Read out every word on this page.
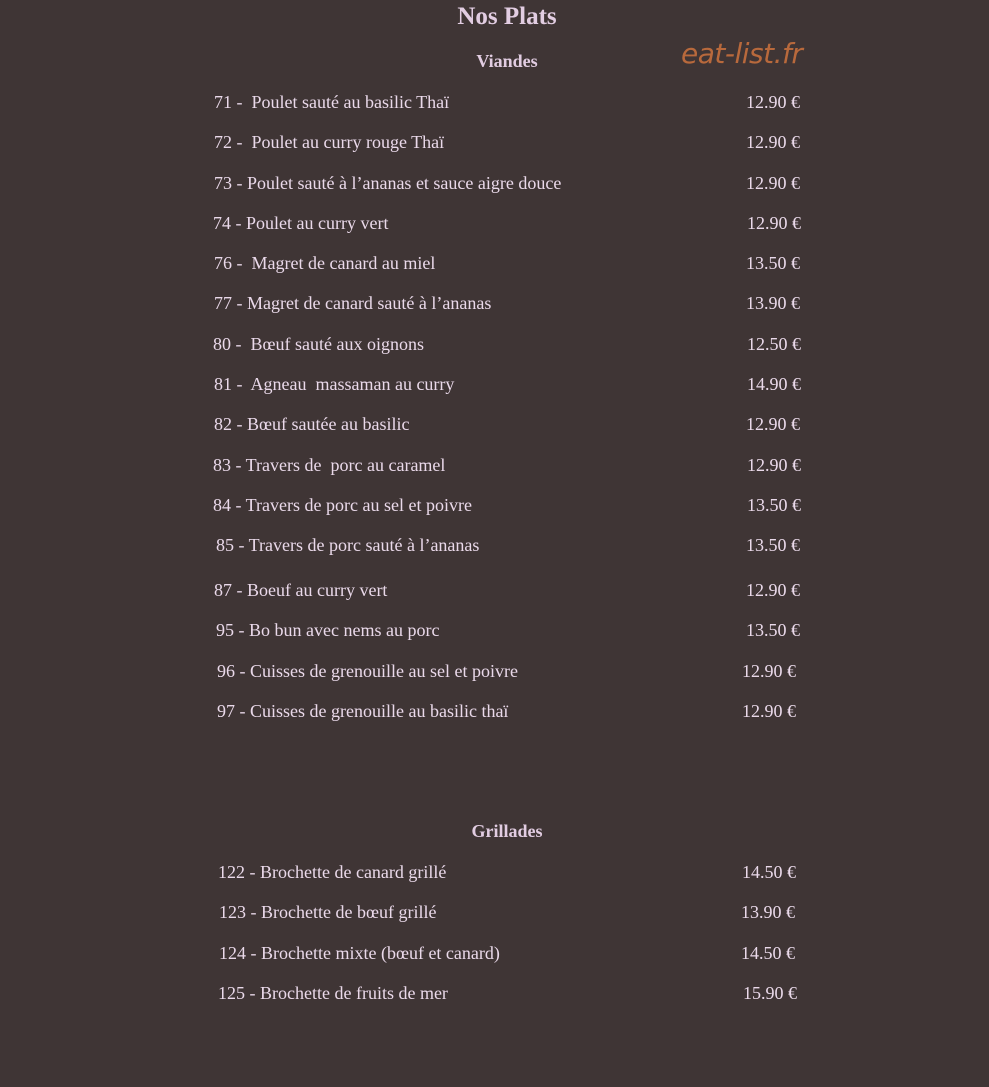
Nos Plats
eat-list.fr
Viandes
Grillades
71 -  Poulet sauté au basilic Thaï	12.90 €
72 -  Poulet au curry rouge Thaï	12.90 €
73 - Poulet sauté à l’ananas et sauce aigre douce	12.90 €
74 - Poulet au curry vert	12.90 €
76 -  Magret de canard au miel	13.50 €
77 - Magret de canard sauté à l’ananas	13.90 €
80 -  Bœuf sauté aux oignons	12.50 €
81 -  Agneau  massaman au curry	14.90 €
82 - Bœuf sautée au basilic	12.90 €
83 - Travers de  porc au caramel	12.90 €
84 - Travers de porc au sel et poivre	13.50 €
85 - Travers de porc sauté à l’ananas	13.50 €
87 - Boeuf au curry vert	12.90 €
95 - Bo bun avec nems au porc	13.50 €
96 - Cuisses de grenouille au sel et poivre	12.90 €
97 - Cuisses de grenouille au basilic thaï	12.90 €
122 - Brochette de canard grillé	14.50 €
123 - Brochette de bœuf grillé	13.90 €
124 - Brochette mixte (bœuf et canard)	14.50 €
125 - Brochette de fruits de mer	15.90 €
